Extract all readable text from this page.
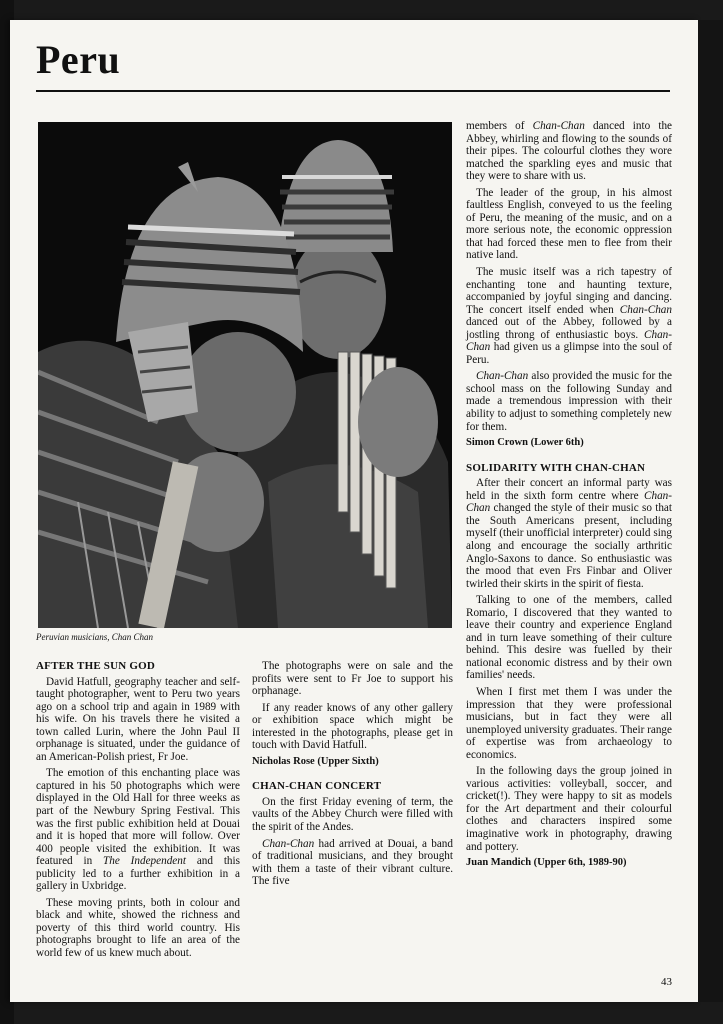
Peru
Peruvian musicians, Chan Chan
AFTER THE SUN GOD

David Hatfull, geography teacher and self-taught photographer, went to Peru two years ago on a school trip and again in 1989 with his wife. On his travels there he visited a town called Lurin, where the John Paul II orphanage is situated, under the guidance of an American-Polish priest, Fr Joe.

The emotion of this enchanting place was captured in his 50 photographs which were displayed in the Old Hall for three weeks as part of the Newbury Spring Festival. This was the first public exhibition held at Douai and it is hoped that more will follow. Over 400 people visited the exhibition. It was featured in The Independent and this publicity led to a further exhibition in a gallery in Uxbridge.

These moving prints, both in colour and black and white, showed the richness and poverty of this third world country. His photographs brought to life an area of the world few of us knew much about.

The photographs were on sale and the profits were sent to Fr Joe to support his orphanage.

If any reader knows of any other gallery or exhibition space which might be interested in the photographs, please get in touch with David Hatfull.

Nicholas Rose (Upper Sixth)

CHAN-CHAN CONCERT

On the first Friday evening of term, the vaults of the Abbey Church were filled with the spirit of the Andes.

Chan-Chan had arrived at Douai, a band of traditional musicians, and they brought with them a taste of their vibrant culture. The five

members of Chan-Chan danced into the Abbey, whirling and flowing to the sounds of their pipes. The colourful clothes they wore matched the sparkling eyes and music that they were to share with us.

The leader of the group, in his almost faultless English, conveyed to us the feeling of Peru, the meaning of the music, and on a more serious note, the economic oppression that had forced these men to flee from their native land.

The music itself was a rich tapestry of enchanting tone and haunting texture, accompanied by joyful singing and dancing. The concert itself ended when Chan-Chan danced out of the Abbey, followed by a jostling throng of enthusiastic boys. Chan-Chan had given us a glimpse into the soul of Peru.

Chan-Chan also provided the music for the school mass on the following Sunday and made a tremendous impression with their ability to adjust to something completely new for them.

Simon Crown (Lower 6th)

SOLIDARITY WITH CHAN-CHAN

After their concert an informal party was held in the sixth form centre where Chan-Chan changed the style of their music so that the South Americans present, including myself (their unofficial interpreter) could sing along and encourage the socially arthritic Anglo-Saxons to dance. So enthusiastic was the mood that even Frs Finbar and Oliver twirled their skirts in the spirit of fiesta.

Talking to one of the members, called Romario, I discovered that they wanted to leave their country and experience England and in turn leave something of their culture behind. This desire was fuelled by their national economic distress and by their own families' needs.

When I first met them I was under the impression that they were professional musicians, but in fact they were all unemployed university graduates. Their range of expertise was from archaeology to economics.

In the following days the group joined in various activities: volleyball, soccer, and cricket(!). They were happy to sit as models for the Art department and their colourful clothes and characters inspired some imaginative work in photography, drawing and pottery.

Juan Mandich (Upper 6th, 1989-90)

43
